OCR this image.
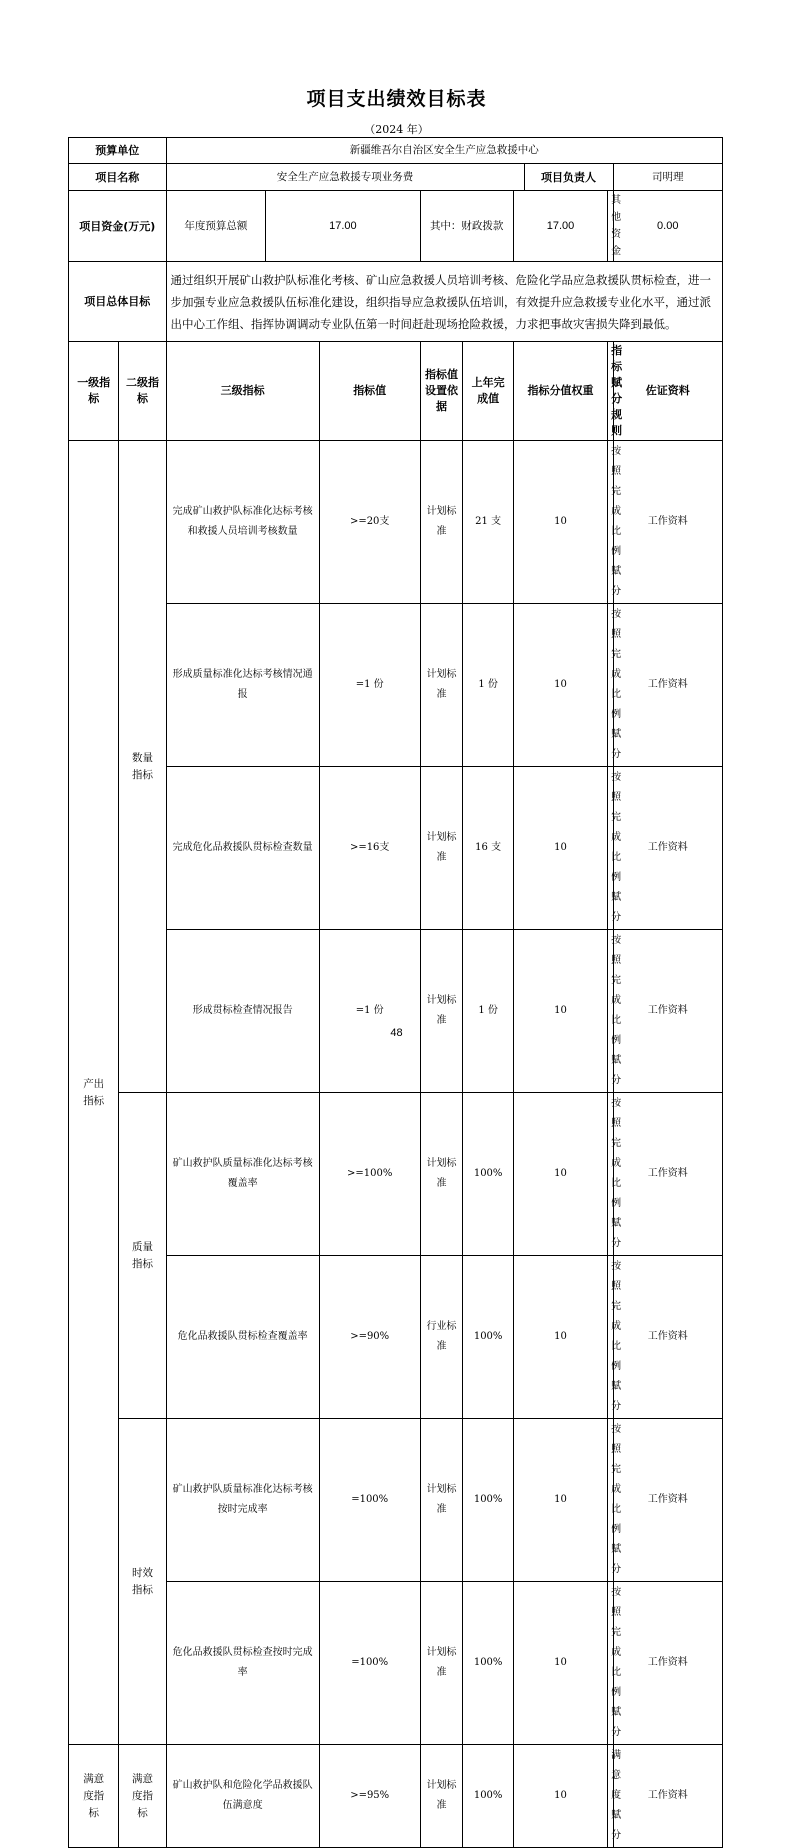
项目支出绩效目标表
（2024 年）
预算单位		新疆维吾尔自治区安全生产应急救援中心								
项目名称		安全生产应急救援专项业务费						项目负责人		司明理
项目资金(万元)		年度预算总额	17.00		其中：财政拨款		17.00		其他资金	0.00
项目总体目标		通过组织开展矿山救护队标准化考核、矿山应急救援人员培训考核、危险化学品应急救援队贯标检查，进一步加强专业应急救援队伍标准化建设，组织指导应急救援队伍培训，有效提升应急救援专业化水平，通过派出中心工作组、指挥协调调动专业队伍第一时间赶赴现场抢险救援，力求把事故灾害损失降到最低。								
一级指标	二级指标	三级指标		指标值	指标值设置依据	上年完成值	指标分值权重		指标赋分规则	佐证资料
产出指标	数量指标	完成矿山救护队标准化达标考核和救援人员培训考核数量		>=20支	计划标准	21 支	10		按照完成比例赋分	工作资料
		形成质量标准化达标考核情况通报		=1 份	计划标准	1 份	10		按照完成比例赋分	工作资料
		完成危化品救援队贯标检查数量		>=16支	计划标准	16 支	10		按照完成比例赋分	工作资料
		形成贯标检查情况报告		=1 份	计划标准	1 份	10		按照完成比例赋分	工作资料
	质量指标	矿山救护队质量标准化达标考核覆盖率		>=100%	计划标准	100%	10		按照完成比例赋分	工作资料
		危化品救援队贯标检查覆盖率		>=90%	行业标准	100%	10		按照完成比例赋分	工作资料
	时效指标	矿山救护队质量标准化达标考核按时完成率		=100%	计划标准	100%	10		按照完成比例赋分	工作资料
		危化品救援队贯标检查按时完成率		=100%	计划标准	100%	10		按照完成比例赋分	工作资料
满意度指标	满意度指标	矿山救护队和危险化学品救援队伍满意度		>=95%	计划标准	100%	10		满意度赋分	工作资料
48
